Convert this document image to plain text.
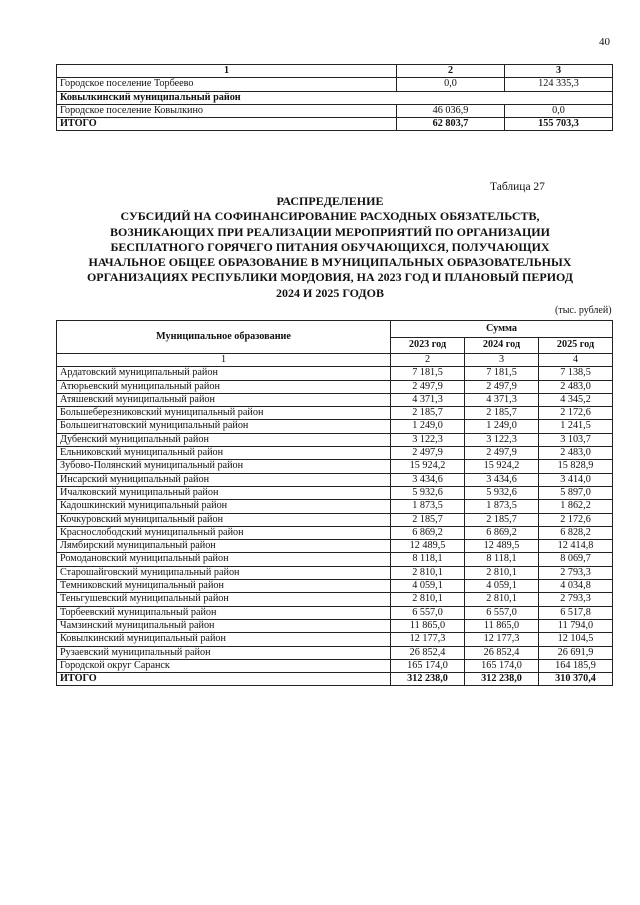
40
1	2	3
Городское поселение Торбеево	0,0	124 335,3
Ковылкинский муниципальный район		
Городское поселение Ковылкино	46 036,9	0,0
ИТОГО	62 803,7	155 703,3
Таблица 27
РАСПРЕДЕЛЕНИЕ
СУБСИДИЙ НА СОФИНАНСИРОВАНИЕ РАСХОДНЫХ ОБЯЗАТЕЛЬСТВ,
ВОЗНИКАЮЩИХ ПРИ РЕАЛИЗАЦИИ МЕРОПРИЯТИЙ ПО ОРГАНИЗАЦИИ
БЕСПЛАТНОГО ГОРЯЧЕГО ПИТАНИЯ ОБУЧАЮЩИХСЯ, ПОЛУЧАЮЩИХ
НАЧАЛЬНОЕ ОБЩЕЕ ОБРАЗОВАНИЕ В МУНИЦИПАЛЬНЫХ ОБРАЗОВАТЕЛЬНЫХ
ОРГАНИЗАЦИЯХ РЕСПУБЛИКИ МОРДОВИЯ, НА 2023 ГОД И ПЛАНОВЫЙ ПЕРИОД
2024 И 2025 ГОДОВ
(тыс. рублей)
Муниципальное образование	Сумма		
	2023 год	2024 год	2025 год
1	2	3	4
Ардатовский муниципальный район	7 181,5	7 181,5	7 138,5
Атюрьевский муниципальный район	2 497,9	2 497,9	2 483,0
Атяшевский муниципальный район	4 371,3	4 371,3	4 345,2
Большеберезниковский муниципальный район	2 185,7	2 185,7	2 172,6
Большеигнатовский муниципальный район	1 249,0	1 249,0	1 241,5
Дубенский муниципальный район	3 122,3	3 122,3	3 103,7
Ельниковский муниципальный район	2 497,9	2 497,9	2 483,0
Зубово-Полянский муниципальный район	15 924,2	15 924,2	15 828,9
Инсарский муниципальный район	3 434,6	3 434,6	3 414,0
Ичалковский муниципальный район	5 932,6	5 932,6	5 897,0
Кадошкинский муниципальный район	1 873,5	1 873,5	1 862,2
Кочкуровский муниципальный район	2 185,7	2 185,7	2 172,6
Краснослободский муниципальный район	6 869,2	6 869,2	6 828,2
Лямбирский муниципальный район	12 489,5	12 489,5	12 414,8
Ромодановский муниципальный район	8 118,1	8 118,1	8 069,7
Старошайговский муниципальный район	2 810,1	2 810,1	2 793,3
Темниковский муниципальный район	4 059,1	4 059,1	4 034,8
Теньгушевский муниципальный район	2 810,1	2 810,1	2 793,3
Торбеевский муниципальный район	6 557,0	6 557,0	6 517,8
Чамзинский муниципальный район	11 865,0	11 865,0	11 794,0
Ковылкинский муниципальный район	12 177,3	12 177,3	12 104,5
Рузаевский муниципальный район	26 852,4	26 852,4	26 691,9
Городской округ Саранск	165 174,0	165 174,0	164 185,9
ИТОГО	312 238,0	312 238,0	310 370,4
